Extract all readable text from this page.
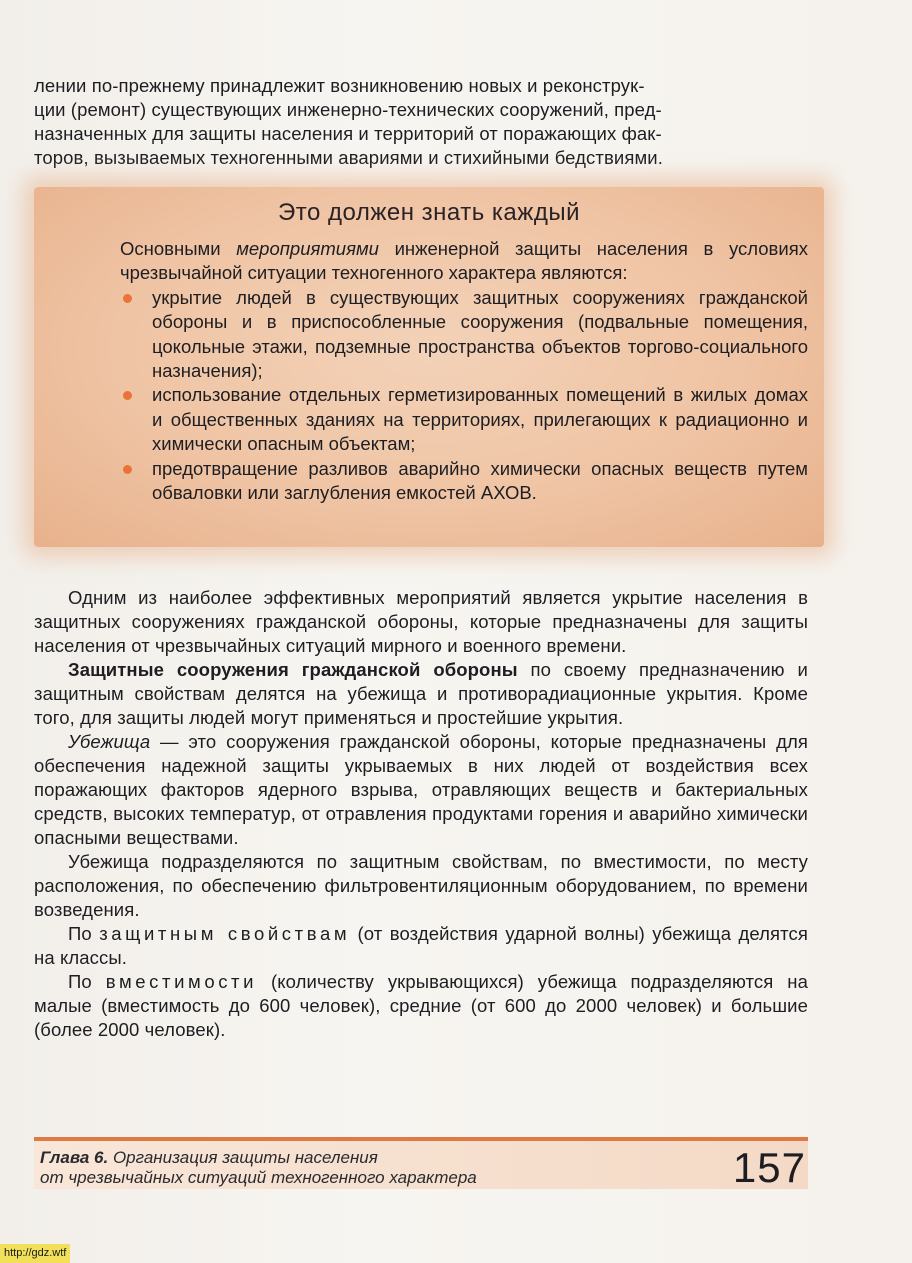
лении по-прежнему принадлежит возникновению новых и реконструк-

ции (ремонт) существующих инженерно-технических сооружений, пред-

назначенных для защиты населения и территорий от поражающих фак-

торов, вызываемых техногенными авариями и стихийными бедствиями.

Это должен знать каждый

Основными мероприятиями инженерной защиты населения в условиях чрезвычайной ситуации техногенного характера являются:

укрытие людей в существующих защитных сооружениях гражданской обороны и в приспособленные сооружения (подвальные помещения, цокольные этажи, подземные пространства объектов торгово-социального назначения);
использование отдельных герметизированных помещений в жилых домах и общественных зданиях на территориях, прилегающих к радиационно и химически опасным объектам;
предотвращение разливов аварийно химически опасных веществ путем обваловки или заглубления емкостей АХОВ.

Одним из наиболее эффективных мероприятий является укрытие населения в защитных сооружениях гражданской обороны, которые предназначены для защиты населения от чрезвычайных ситуаций мирного и военного времени.

Защитные сооружения гражданской обороны по своему предназначению и защитным свойствам делятся на убежища и противорадиационные укрытия. Кроме того, для защиты людей могут применяться и простейшие укрытия.

Убежища — это сооружения гражданской обороны, которые предназначены для обеспечения надежной защиты укрываемых в них людей от воздействия всех поражающих факторов ядерного взрыва, отравляющих веществ и бактериальных средств, высоких температур, от отравления продуктами горения и аварийно химически опасными веществами.

Убежища подразделяются по защитным свойствам, по вместимости, по месту расположения, по обеспечению фильтровентиляционным оборудованием, по времени возведения.

По защитным свойствам (от воздействия ударной волны) убежища делятся на классы.

По вместимости (количеству укрывающихся) убежища подразделяются на малые (вместимость до 600 человек), средние (от 600 до 2000 человек) и большие (более 2000 человек).

Глава 6. Организация защиты населения
от чрезвычайных ситуаций техногенного характера	157
http://gdz.wtf
